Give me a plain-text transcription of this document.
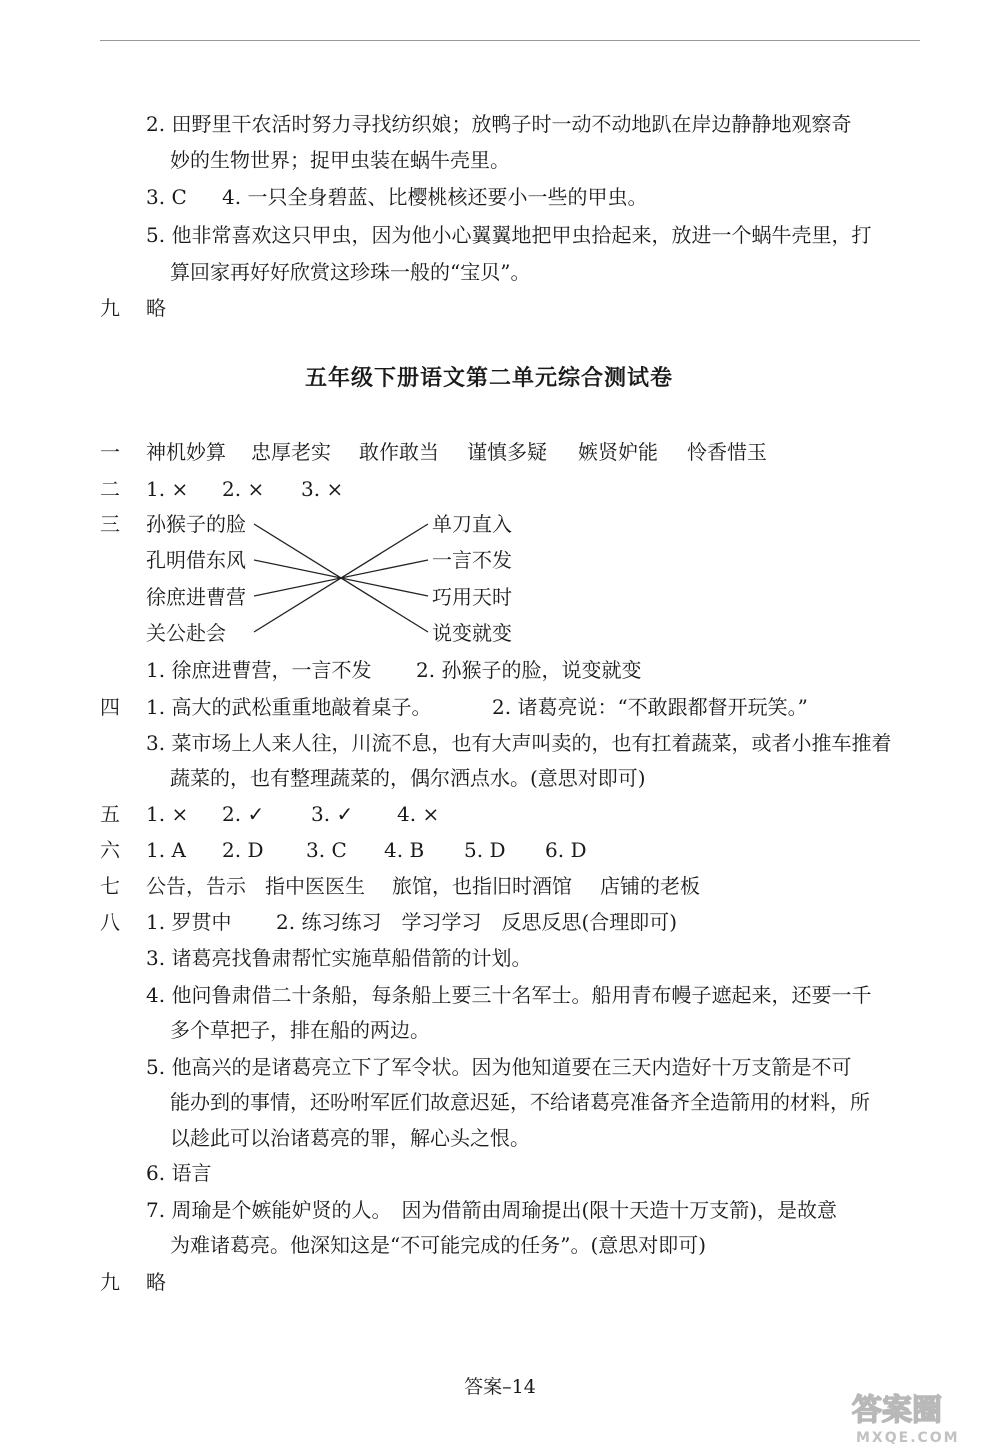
2. 田野里干农活时努力寻找纺织娘；放鸭子时一动不动地趴在岸边静静地观察奇
妙的生物世界；捉甲虫装在蜗牛壳里。
3. C 4. 一只全身碧蓝、比樱桃核还要小一些的甲虫。
5. 他非常喜欢这只甲虫，因为他小心翼翼地把甲虫拾起来，放进一个蜗牛壳里，打
算回家再好好欣赏这珍珠一般的“宝贝”。
九 略
五年级下册语文第二单元综合测试卷
一 神机妙算 忠厚老实 敢作敢当 谨慎多疑 嫉贤妒能 怜香惜玉
二 1. × 2. × 3. ×
三 孙猴子的脸
孔明借东风
徐庶进曹营
关公赴会
单刀直入
一言不发
巧用天时
说变就变
1. 徐庶进曹营，一言不发 2. 孙猴子的脸，说变就变
四 1. 高大的武松重重地敲着桌子。	2. 诸葛亮说：“不敢跟都督开玩笑。”
3. 菜市场上人来人往，川流不息，也有大声叫卖的，也有扛着蔬菜，或者小推车推着
蔬菜的，也有整理蔬菜的，偶尔洒点水。(意思对即可)
五 1. × 2. ✓ 3. ✓ 4. ×
六 1. A 2. D 3. C 4. B 5. D 6. D
七 公告，告示 指中医医生 旅馆，也指旧时酒馆 店铺的老板
八 1. 罗贯中 2. 练习练习　学习学习　反思反思(合理即可)
3. 诸葛亮找鲁肃帮忙实施草船借箭的计划。
4. 他问鲁肃借二十条船，每条船上要三十名军士。船用青布幔子遮起来，还要一千
多个草把子，排在船的两边。
5. 他高兴的是诸葛亮立下了军令状。因为他知道要在三天内造好十万支箭是不可
能办到的事情，还吩咐军匠们故意迟延，不给诸葛亮准备齐全造箭用的材料，所
以趁此可以治诸葛亮的罪，解心头之恨。
6. 语言
7. 周瑜是个嫉能妒贤的人。　因为借箭由周瑜提出(限十天造十万支箭)，是故意
为难诸葛亮。他深知这是“不可能完成的任务”。(意思对即可)
九 略
答案–14
答案圈
MXQE.COM
